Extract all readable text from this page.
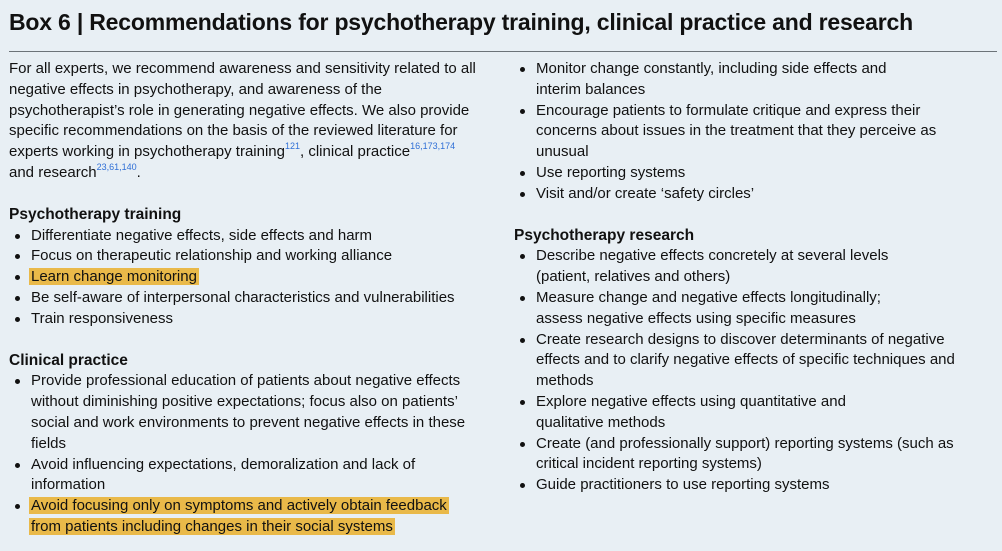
Box 6 | Recommendations for psychotherapy training, clinical practice and research

For all experts, we recommend awareness and sensitivity related to all negative effects in psychotherapy, and awareness of the psychotherapist’s role in generating negative effects. We also provide specific recommendations on the basis of the reviewed literature for experts working in psychotherapy training$^{121}$, clinical practice$^{16,173,174}$
and research$^{23,61,140}$.

Psychotherapy training
Differentiate negative effects, side effects and harm
Focus on therapeutic relationship and working alliance
Learn change monitoring
Be self-aware of interpersonal characteristics and vulnerabilities
Train responsiveness
Clinical practice
Provide professional education of patients about negative effects without diminishing positive expectations; focus also on patients’ social and work environments to prevent negative effects in these fields
Avoid influencing expectations, demoralization and lack of information
Avoid focusing only on symptoms and actively obtain feedback from patients including changes in their social systems
Monitor change constantly, including side effects and interim balances
Encourage patients to formulate critique and express their concerns about issues in the treatment that they perceive as unusual
Use reporting systems
Visit and/or create ‘safety circles’
Psychotherapy research
Describe negative effects concretely at several levels (patient, relatives and others)
Measure change and negative effects longitudinally; assess negative effects using specific measures
Create research designs to discover determinants of negative effects and to clarify negative effects of specific techniques and methods
Explore negative effects using quantitative and qualitative methods
Create (and professionally support) reporting systems (such as critical incident reporting systems)
Guide practitioners to use reporting systems
